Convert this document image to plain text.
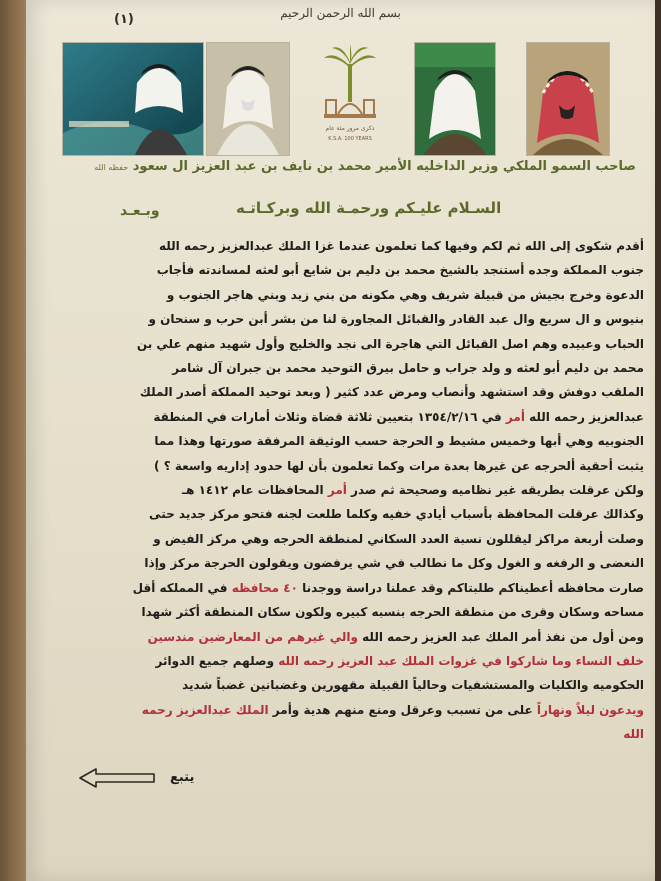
بسم الله الرحمن الرحيم
(١)
ذكرى مرور مئة عام
K.S.A. 100 YEARS
صاحب السمو الملكي وزير الداخليه الأمير محمد بن نايف بن عبد العزيز ال سعود حفظه الله
السـلام عليـكم ورحمـة الله وبركـاتـه
وبـعـد
أقدم شكوى إلى الله ثم لكم وفيها كما تعلمون عندما غزا الملك عبدالعزيز رحمه الله
جنوب المملكة وجده أستنجد بالشيخ محمد بن دليم بن شايع أبو لعثه لمساندته فأجاب
الدعوة وخرج بجيش من قبيلة شريف وهي مكونه من بني زيد وبني هاجر الجنوب و
بنيوس و ال سريع وال عبد القادر والقبائل المجاورة لنا من بشر أبن حرب و سنحان و
الحباب وعبيده وهم اصل القبائل التي هاجرة الى نجد والخليج وأول شهيد منهم علي بن
محمد بن دليم أبو لعثه و ولد جراب و حامل بيرق التوحيد محمد بن جبران آل شامر
الملقب دوفش وقد استشهد وأنصاب ومرض عدد كثير ( وبعد توحيد المملكة أصدر الملك
عبدالعزيز رحمه الله أمر في ١٣٥٤/٢/١٦ بتعيين ثلاثة قضاة وثلاث أمارات في المنطقة
الجنوبيه وهي أبها وخميس مشيط و الحرجة حسب الوثيقة المرفقة صورتها وهذا مما
يثبت أحقية ألحرجه عن غيرها بعدة مرات وكما تعلمون بأن لها حدود إداريه واسعة ؟ )
ولكن عرقلت بطريقه غير نظاميه وصحيحة ثم صدر أمر المحافظات عام ١٤١٢ هـ
وكذالك عرقلت المحافظة بأسباب أيادي خفيه وكلما طلعت لجنه فتحو مركز جديد حتى
وصلت أربعة مراكز ليقللون نسبة العدد السكاني لمنطقة الحرجه وهي مركز الفيض و
النعضى و الرفغه و الغول وكل ما نطالب في شي يرفضون ويقولون الحرجة مركز وإذا
صارت محافظه أعطيناكم طلبتاكم وقد عملنا دراسة ووجدنا ٤٠ محافظه في المملكه أقل
مساحه وسكان وقرى من منطقة الحرجه بنسبه كبيره ولكون سكان المنطقة أكثر شهدا
ومن أول من نفذ أمر الملك عبد العزيز رحمه الله والي غيرهم من المعارضين مندسين
خلف النساء وما شاركوا في غزوات الملك عبد العزيز رحمه الله وصلهم جميع الدوائر
الحكوميه والكليات والمستشفيات وحالياً القبيلة مقهورين وغضبانين غضباً شديد
ويدعون ليلاً ونهاراً على من تسبب وعرقل ومنع منهم هدية وأمر الملك عبدالعزيز رحمه
الله
يتبع
